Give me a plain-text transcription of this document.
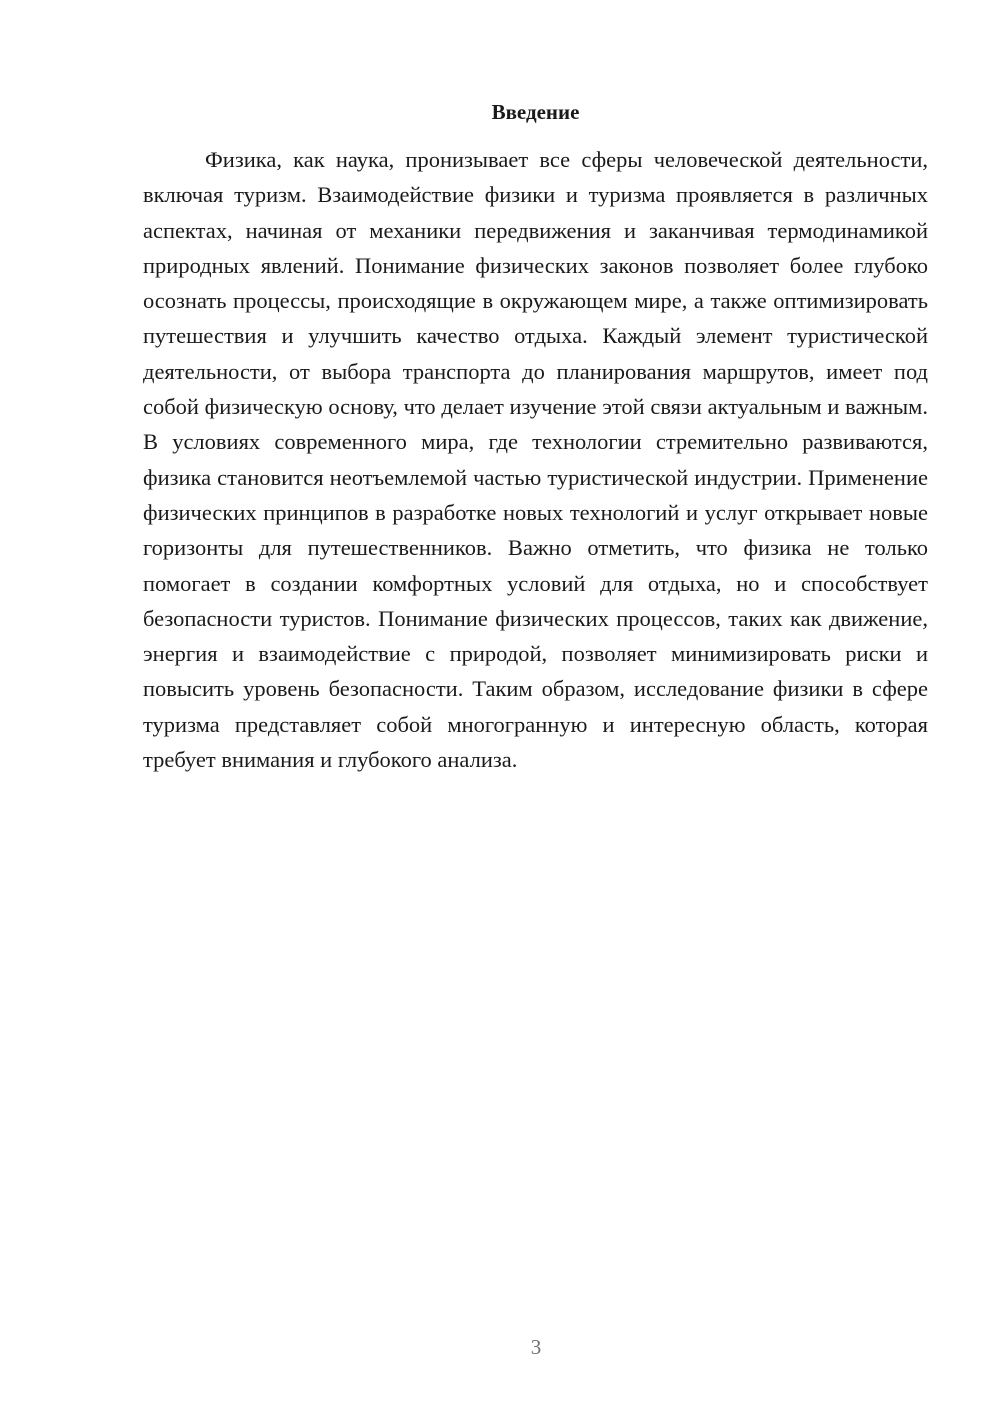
Введение

Физика, как наука, пронизывает все сферы человеческой деятельности, включая туризм. Взаимодействие физики и туризма проявляется в различных аспектах, начиная от механики передвижения и заканчивая термодинамикой природных явлений. Понимание физических законов позволяет более глубоко осознать процессы, происходящие в окружающем мире, а также оптимизировать путешествия и улучшить качество отдыха. Каждый элемент туристической деятельности, от выбора транспорта до планирования маршрутов, имеет под собой физическую основу, что делает изучение этой связи актуальным и важным. В условиях современного мира, где технологии стремительно развиваются, физика становится неотъемлемой частью туристической индустрии. Применение физических принципов в разработке новых технологий и услуг открывает новые горизонты для путешественников. Важно отметить, что физика не только помогает в создании комфортных условий для отдыха, но и способствует безопасности туристов. Понимание физических процессов, таких как движение, энергия и взаимодействие с природой, позволяет минимизировать риски и повысить уровень безопасности. Таким образом, исследование физики в сфере туризма представляет собой многогранную и интересную область, которая требует внимания и глубокого анализа.

3
